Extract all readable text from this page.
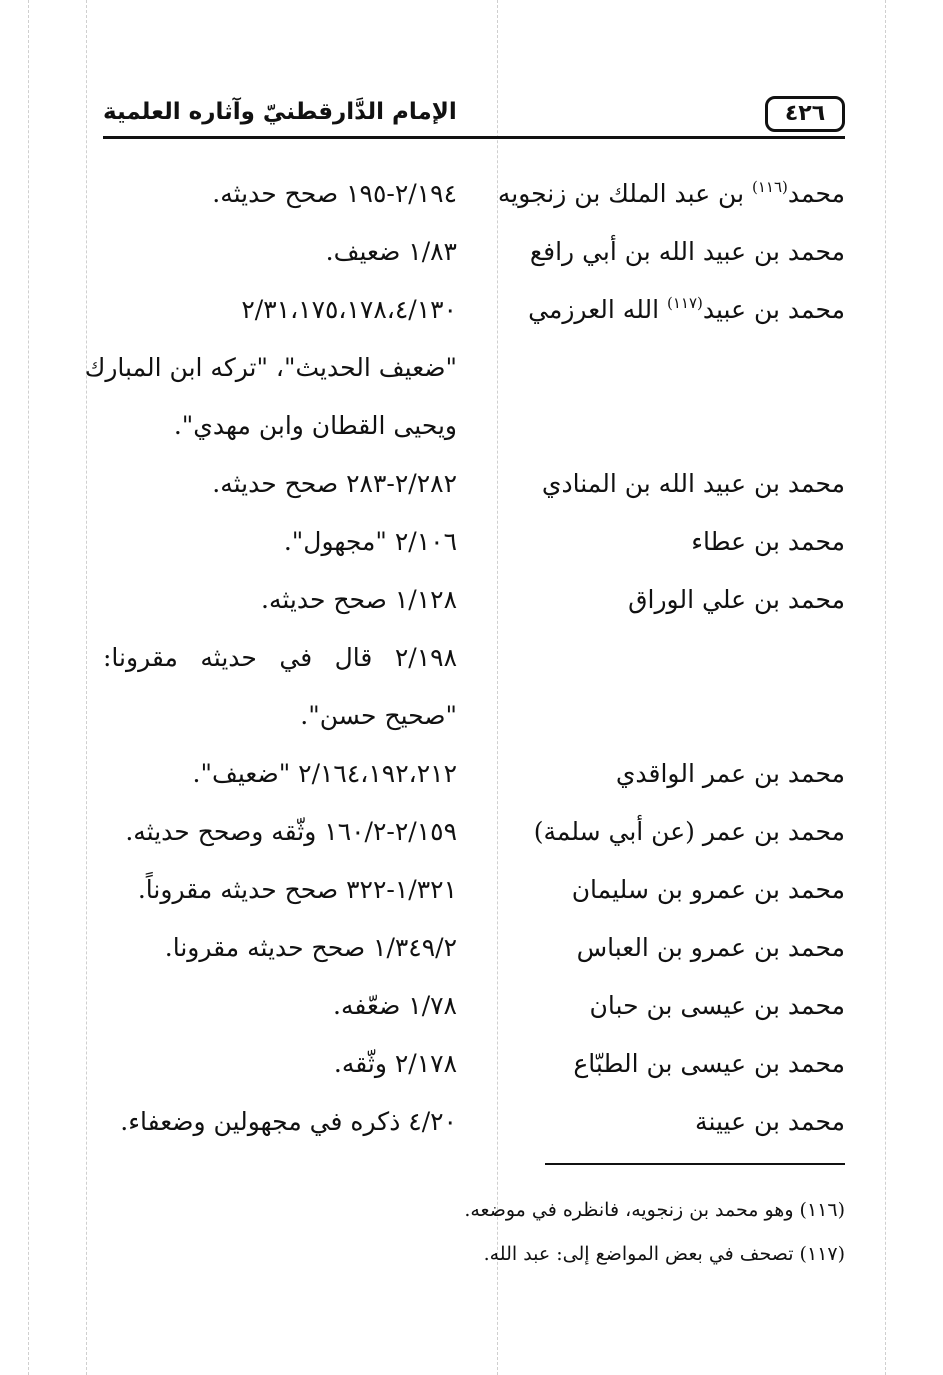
٤٢٦
الإمام الدَّارقطنيّ وآثاره العلمية
محمد$^{(١١٦)}$ بن عبد الملك بن زنجويه
٢/١٩٤-١٩٥ صحح حديثه.
محمد بن عبيد الله بن أبي رافع
١/٨٣ ضعيف.
محمد بن عبيد$^{(١١٧)}$ الله العرزمي
٢/٣١،١٧٥،١٧٨،٤/١٣٠
"ضعيف الحديث"، "تركه ابن المبارك
ويحيى القطان وابن مهدي".
محمد بن عبيد الله بن المنادي
٢/٢٨٢-٢٨٣ صحح حديثه.
محمد بن عطاء
٢/١٠٦ "مجهول".
محمد بن علي الوراق
١/١٢٨ صحح حديثه.
٢/١٩٨ قال في حديثه مقرونا:
"صحيح حسن".
محمد بن عمر الواقدي
٢/١٦٤،١٩٢،٢١٢ "ضعيف".
محمد بن عمر (عن أبي سلمة)
٢/١٥٩-١٦٠/٢ وثّقه وصحح حديثه.
محمد بن عمرو بن سليمان
١/٣٢١-٣٢٢ صحح حديثه مقروناً.
محمد بن عمرو بن العباس
١/٣٤٩/٢ صحح حديثه مقرونا.
محمد بن عيسى بن حبان
١/٧٨ ضعّفه.
محمد بن عيسى بن الطبّاع
٢/١٧٨ وثّقه.
محمد بن عيينة
٤/٢٠ ذكره في مجهولين وضعفاء.
(١١٦) وهو محمد بن زنجويه، فانظره في موضعه.
(١١٧) تصحف في بعض المواضع إلى: عبد الله.
